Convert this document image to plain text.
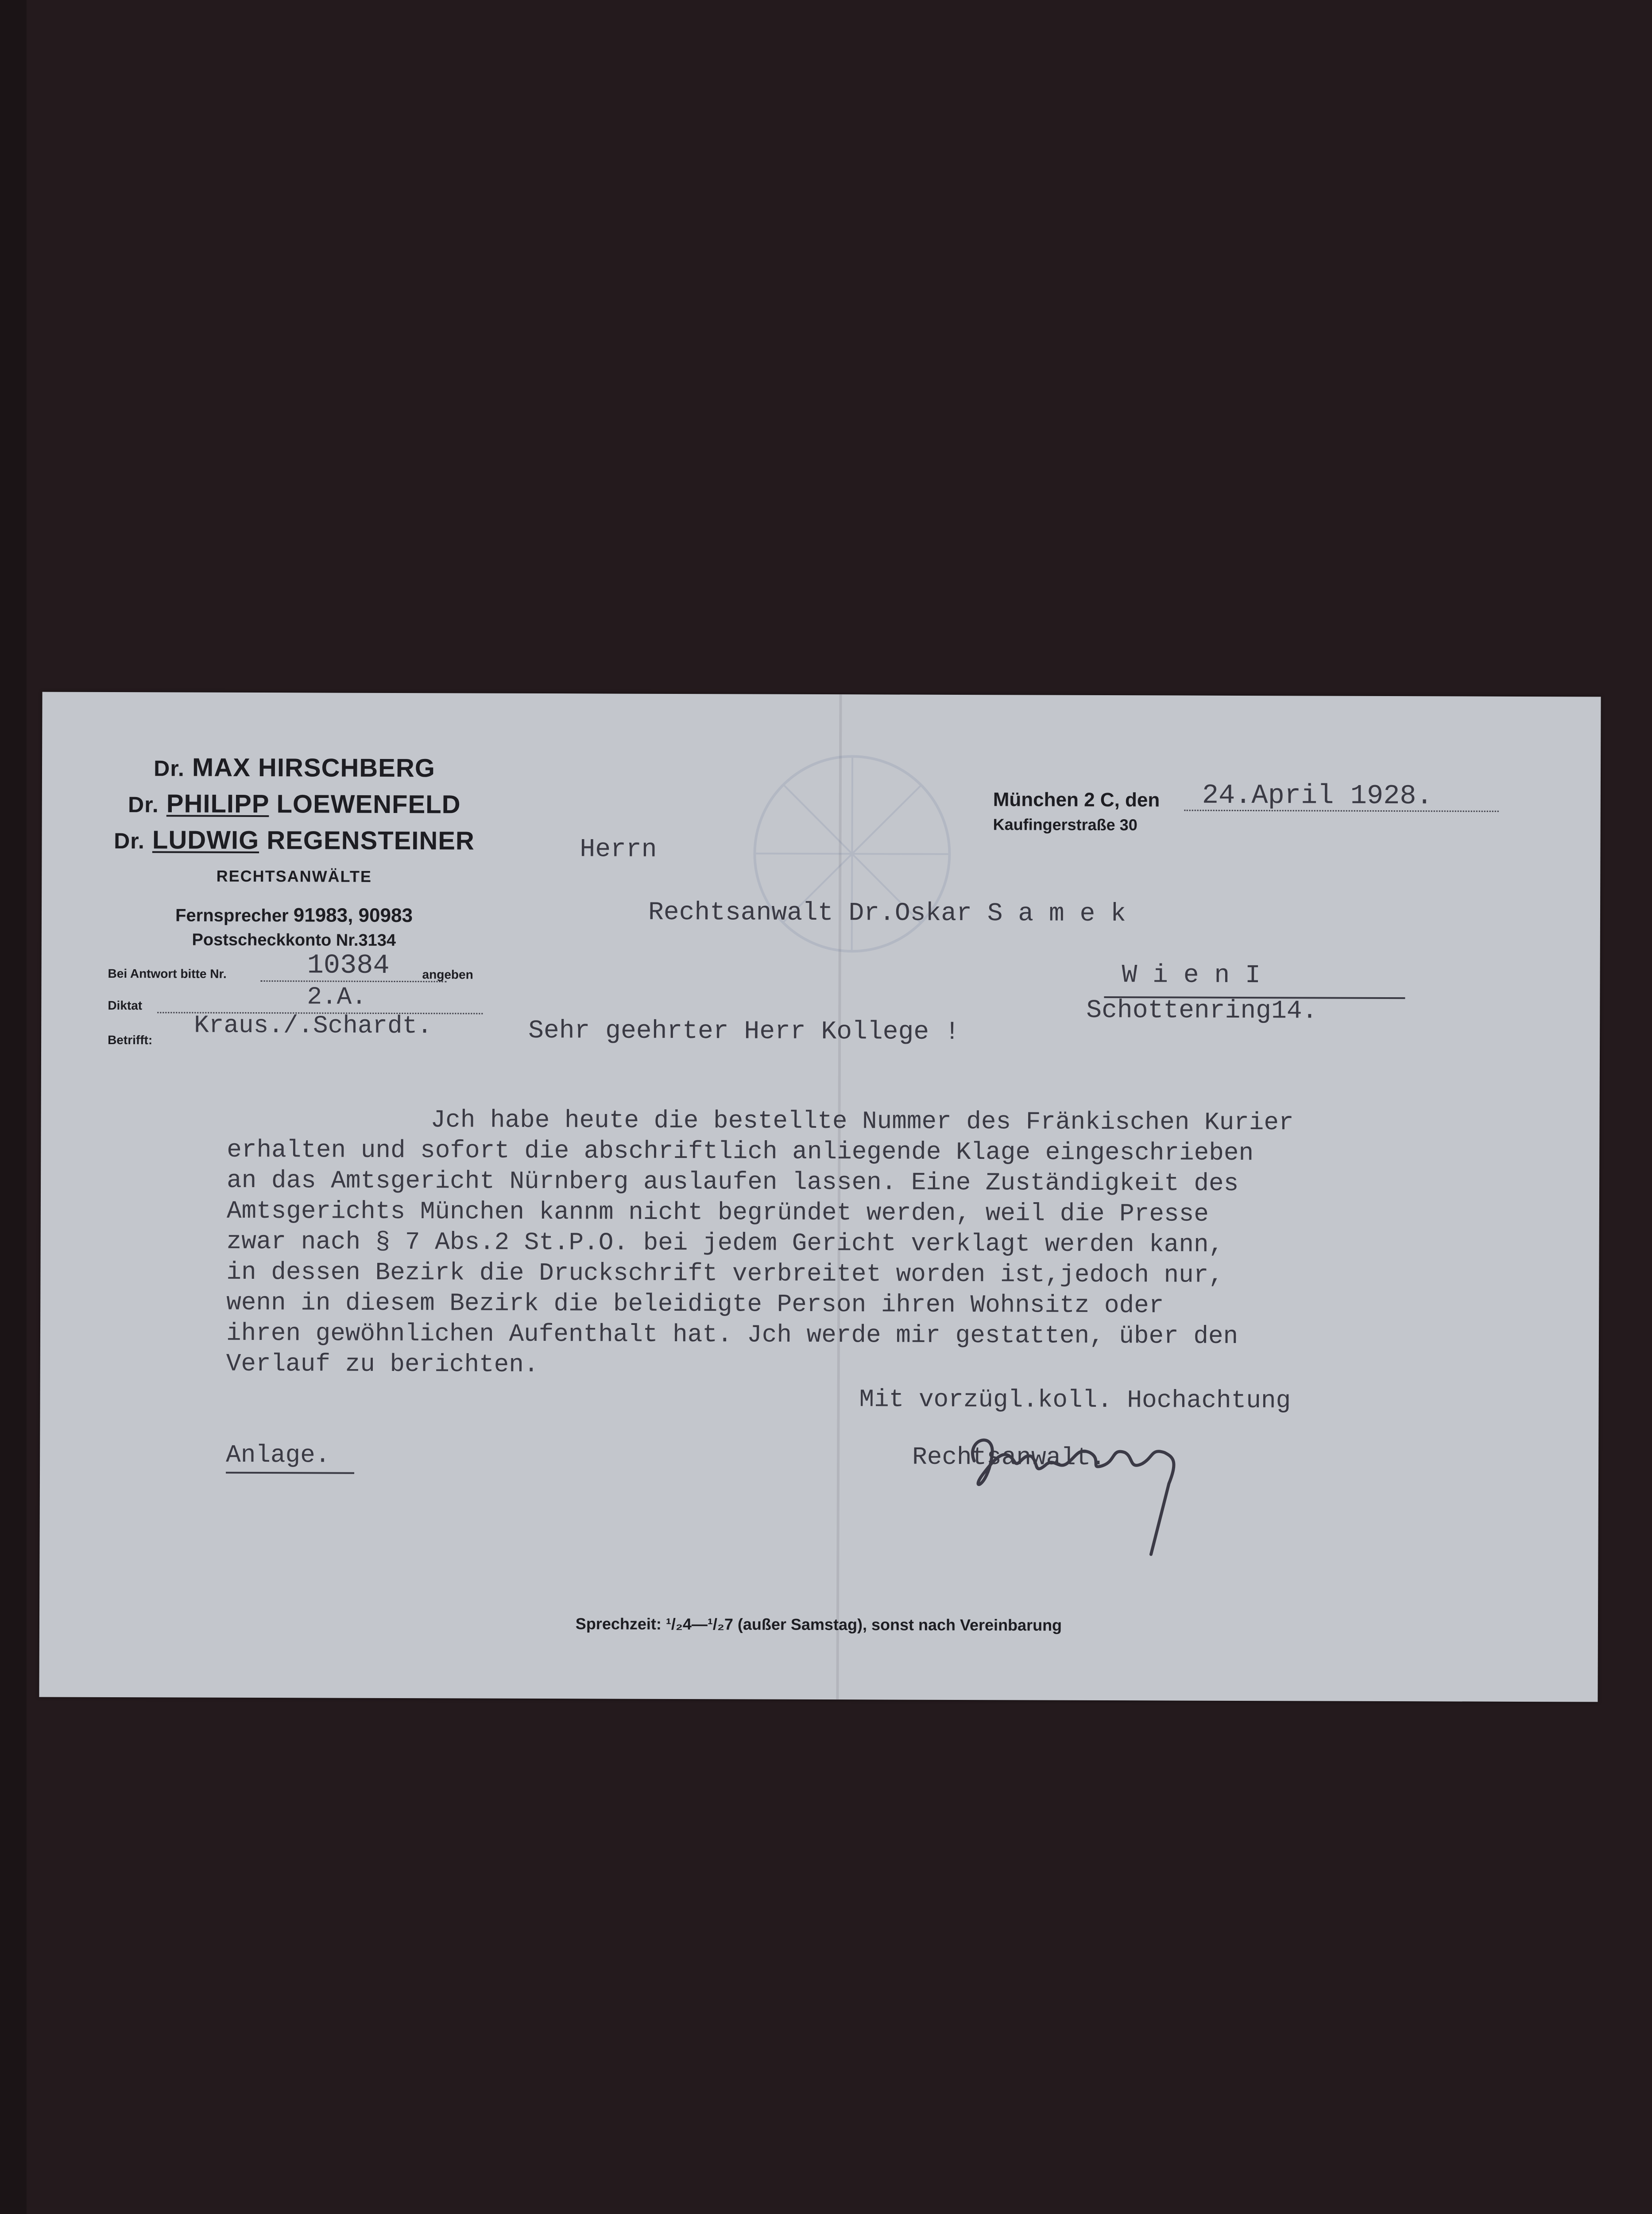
Dr. MAX HIRSCHBERG
Dr. PHILIPP LOEWENFELD
Dr. LUDWIG REGENSTEINER
RECHTSANWÄLTE
Fernsprecher 91983, 90983
Postscheckkonto Nr.3134
Bei Antwort bitte Nr.	10384	angeben
Diktat	2.A.
Betrifft: Kraus./.Schardt.
München 2 C, den 24.April 1928.
Kaufingerstraße 30
Herrn
Rechtsanwalt Dr.Oskar S a m e k
W i e n I
Schottenring14.
Sehr geehrter Herr Kollege !
Jch habe heute die bestellte Nummer des Fränkischen Kurier
erhalten und sofort die abschriftlich anliegende Klage eingeschrieben
an das Amtsgericht Nürnberg auslaufen lassen. Eine Zuständigkeit des
Amtsgerichts München kannm nicht begründet werden, weil die Presse
zwar nach § 7 Abs.2 St.P.O. bei jedem Gericht verklagt werden kann,
in dessen Bezirk die Druckschrift verbreitet worden ist,jedoch nur,
wenn in diesem Bezirk die beleidigte Person ihren Wohnsitz oder
ihren gewöhnlichen Aufenthalt hat. Jch werde mir gestatten, über den
Verlauf zu berichten.
Mit vorzügl.koll. Hochachtung
Rechtsanwalt.
Anlage.
Sprechzeit: ¹/₂4—¹/₂7 (außer Samstag), sonst nach Vereinbarung
